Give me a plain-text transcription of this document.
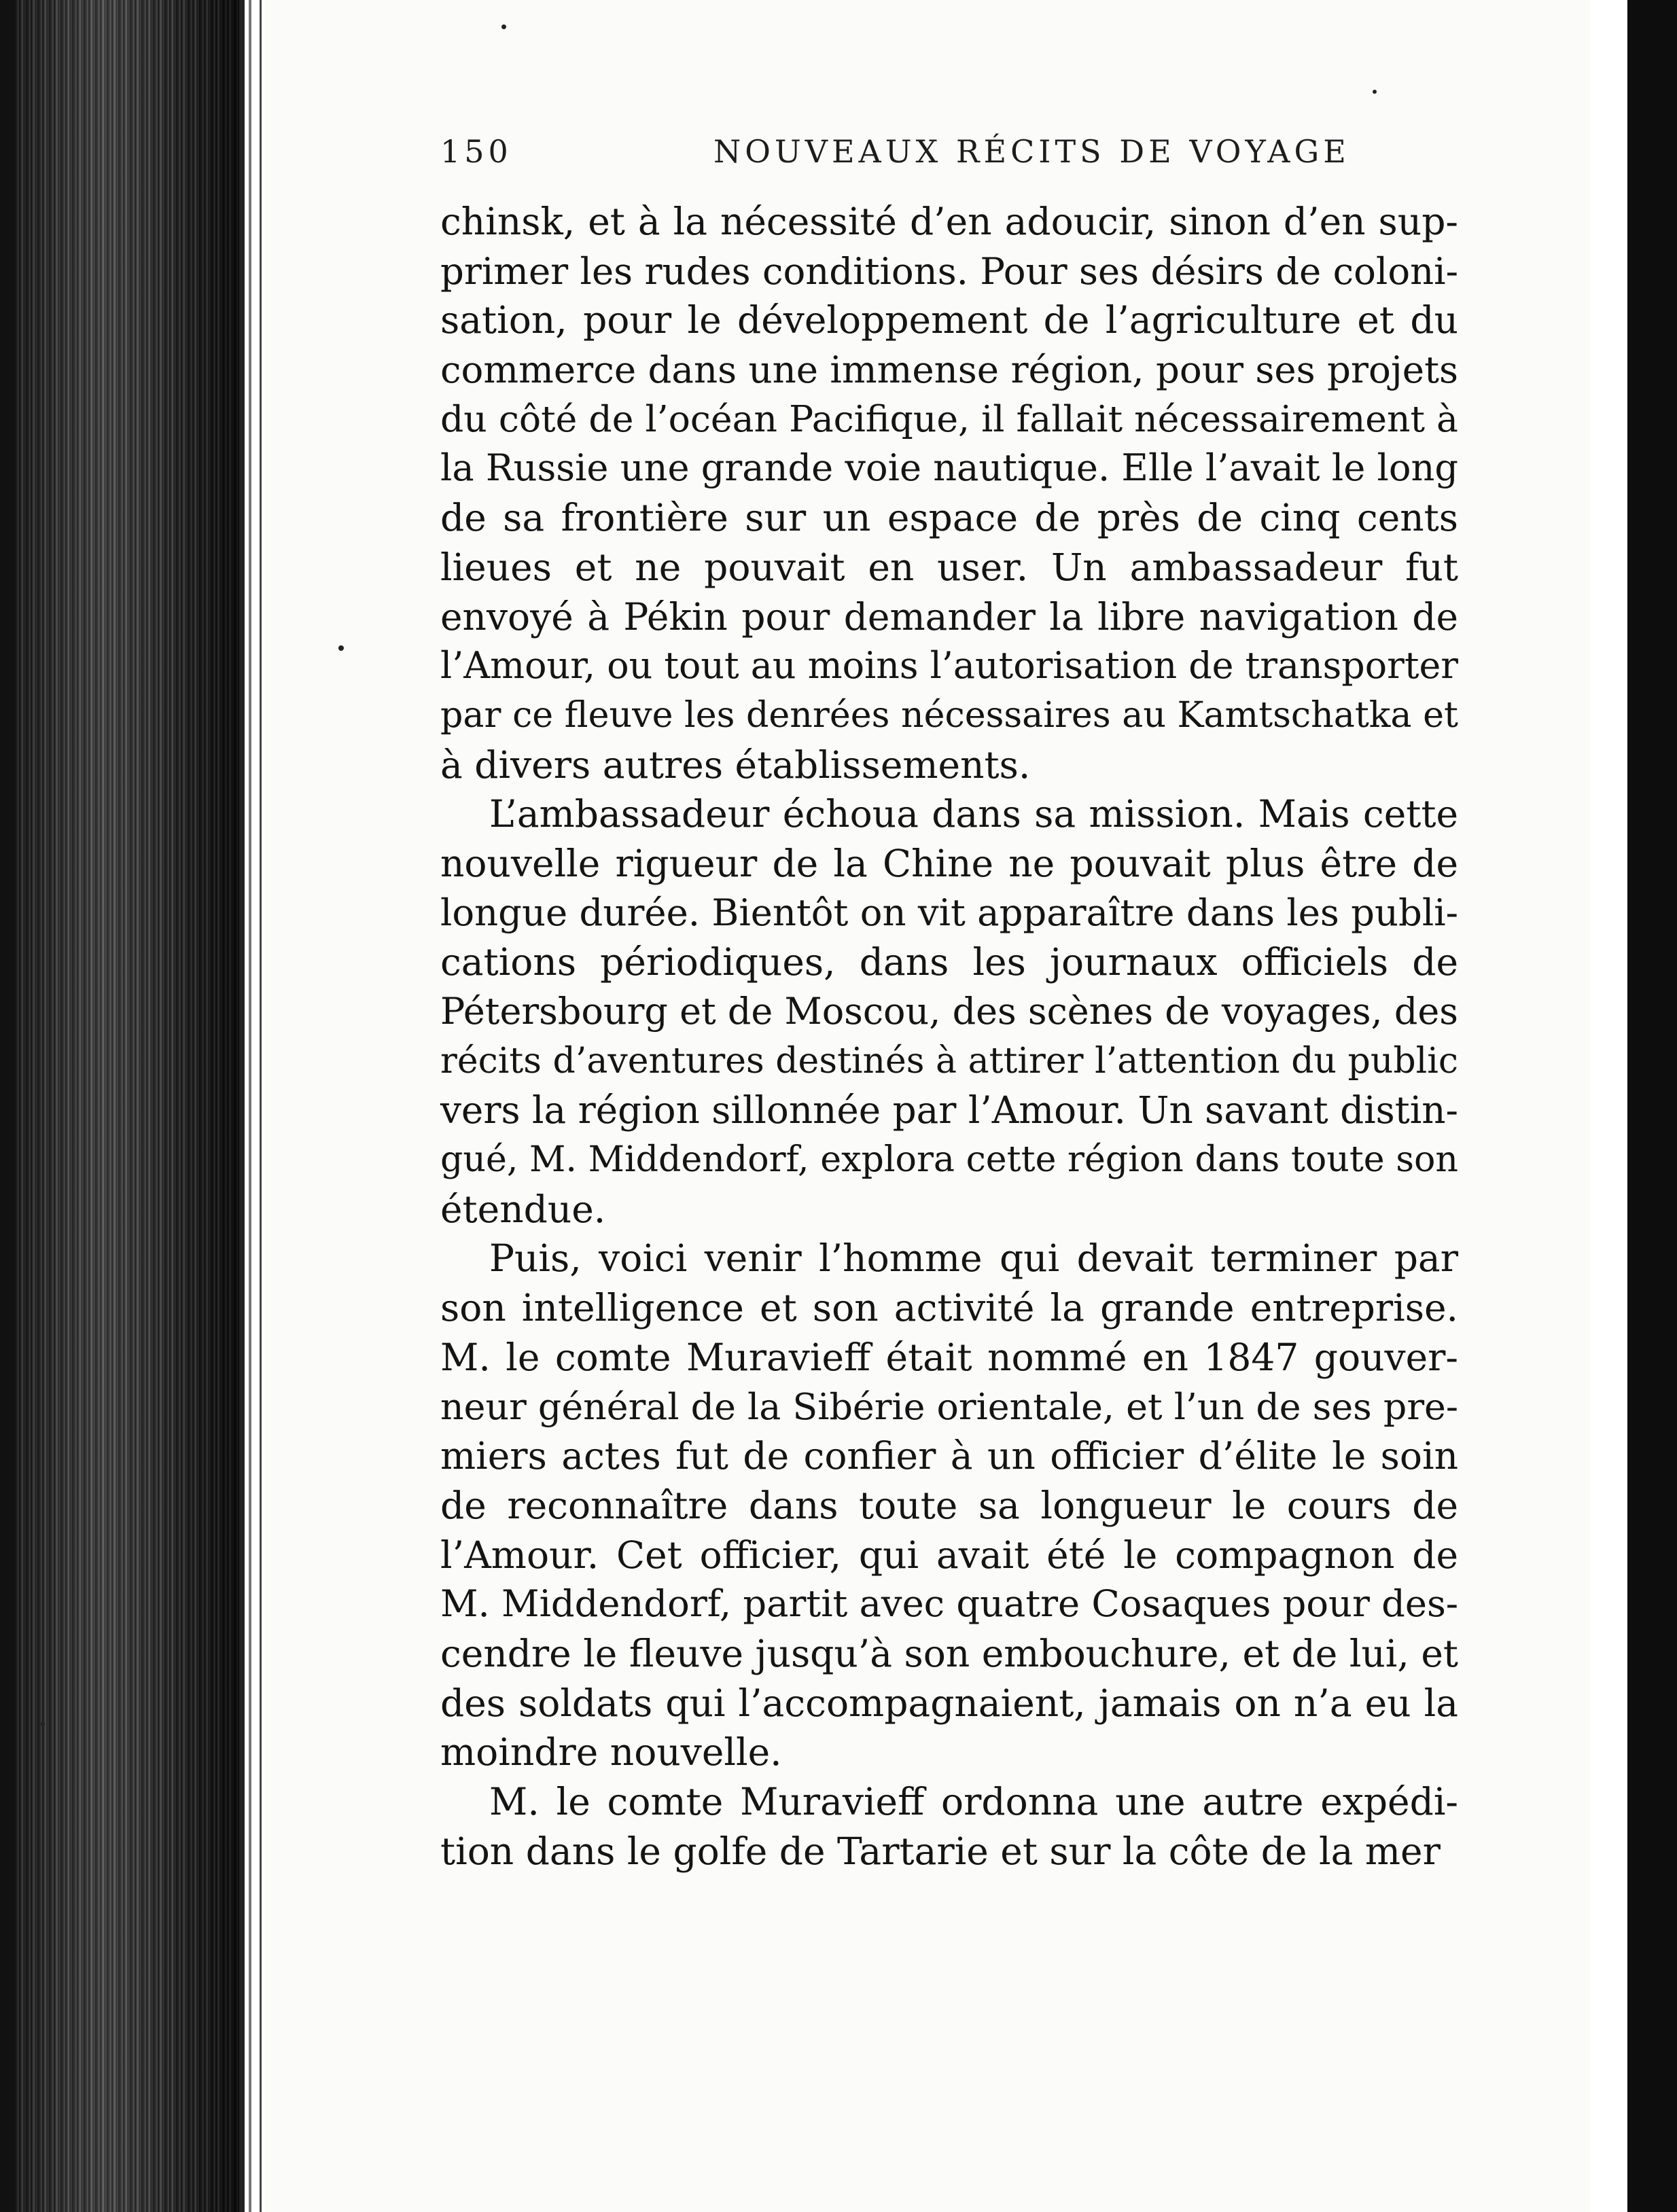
150	NOUVEAUX RÉCITS DE VOYAGE
chinsk, et à la nécessité d’en adoucir, sinon d’en sup-
primer les rudes conditions. Pour ses désirs de coloni-
sation, pour le développement de l’agriculture et du
commerce dans une immense région, pour ses projets
du côté de l’océan Pacifique, il fallait nécessairement à
la Russie une grande voie nautique. Elle l’avait le long
de sa frontière sur un espace de près de cinq cents
lieues et ne pouvait en user. Un ambassadeur fut
envoyé à Pékin pour demander la libre navigation de
l’Amour, ou tout au moins l’autorisation de transporter
par ce fleuve les denrées nécessaires au Kamtschatka et
à divers autres établissements.
L’ambassadeur échoua dans sa mission. Mais cette
nouvelle rigueur de la Chine ne pouvait plus être de
longue durée. Bientôt on vit apparaître dans les publi-
cations périodiques, dans les journaux officiels de
Pétersbourg et de Moscou, des scènes de voyages, des
récits d’aventures destinés à attirer l’attention du public
vers la région sillonnée par l’Amour. Un savant distin-
gué, M. Middendorf, explora cette région dans toute son
étendue.
Puis, voici venir l’homme qui devait terminer par
son intelligence et son activité la grande entreprise.
M. le comte Muravieff était nommé en 1847 gouver-
neur général de la Sibérie orientale, et l’un de ses pre-
miers actes fut de confier à un officier d’élite le soin
de reconnaître dans toute sa longueur le cours de
l’Amour. Cet officier, qui avait été le compagnon de
M. Middendorf, partit avec quatre Cosaques pour des-
cendre le fleuve jusqu’à son embouchure, et de lui, et
des soldats qui l’accompagnaient, jamais on n’a eu la
moindre nouvelle.
M. le comte Muravieff ordonna une autre expédi-
tion dans le golfe de Tartarie et sur la côte de la mer
